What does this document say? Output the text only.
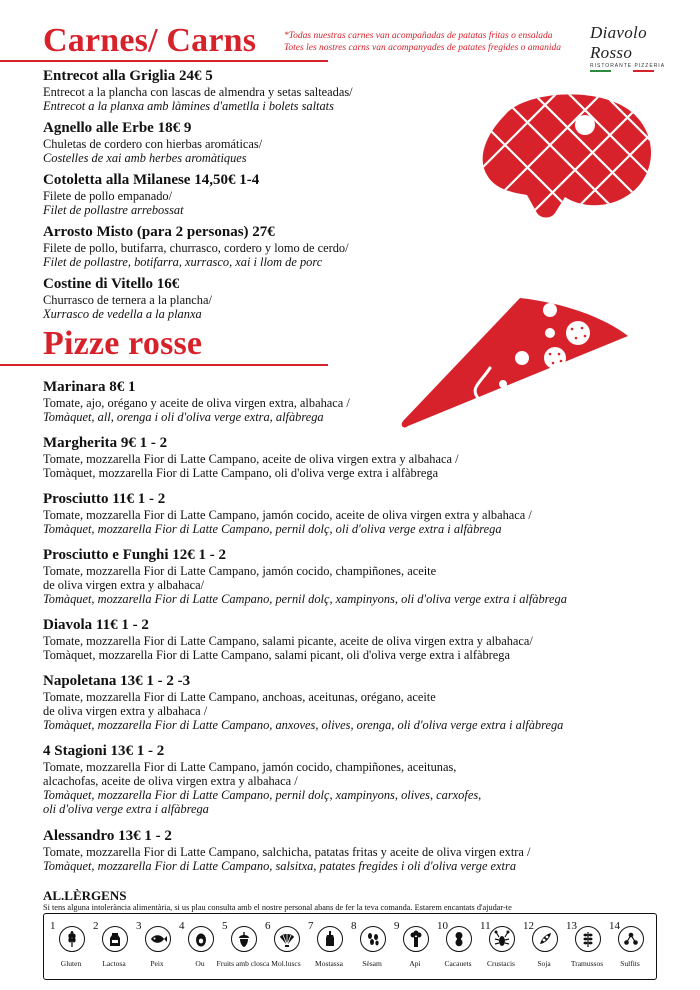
Carnes/ Carns	*Todas nuestras carnes van acompañadas de patatas fritas o ensalada
Totes les nostres carns van acompanyades de patates fregides o amanida
Diavolo Rosso
RISTORANTE PIZZERIA
Entrecot alla Griglia 24€ 5
Entrecot a la plancha con lascas de almendra y setas salteadas/
Entrecot a la planxa amb làmines d'ametlla i bolets saltats
Agnello alle Erbe 18€ 9
Chuletas de cordero con hierbas aromáticas/
Costelles de xai amb herbes aromàtiques
Cotoletta alla Milanese 14,50€ 1-4
Filete de pollo empanado/
Filet de pollastre arrebossat
Arrosto Misto (para 2 personas) 27€
Filete de pollo, butifarra, churrasco, cordero y lomo de cerdo/
Filet de pollastre, botifarra, xurrasco, xai i llom de porc
Costine di Vitello 16€
Churrasco de ternera a la plancha/
Xurrasco de vedella a la planxa
Pizze rosse
Marinara 8€ 1
Tomate, ajo, orégano y aceite de oliva virgen extra, albahaca /
Tomàquet, all, orenga i oli d'oliva verge extra, alfàbrega
Margherita 9€ 1 - 2
Tomate, mozzarella Fior di Latte Campano, aceite de oliva virgen extra y albahaca /
Tomàquet, mozzarella Fior di Latte Campano, oli d'oliva verge extra i alfàbrega
Prosciutto 11€ 1 - 2
Tomate, mozzarella Fior di Latte Campano, jamón cocido, aceite de oliva virgen extra y albahaca /
Tomàquet, mozzarella Fior di Latte Campano, pernil dolç, oli d'oliva verge extra i alfàbrega
Prosciutto e Funghi 12€ 1 - 2
Tomate, mozzarella Fior di Latte Campano, jamón cocido, champiñones, aceite
de oliva virgen extra y albahaca/
Tomàquet, mozzarella Fior di Latte Campano, pernil dolç, xampinyons, oli d'oliva verge extra i alfàbrega
Diavola 11€ 1 - 2
Tomate, mozzarella Fior di Latte Campano, salami picante, aceite de oliva virgen extra y albahaca/
Tomàquet, mozzarella Fior di Latte Campano, salami picant, oli d'oliva verge extra i alfàbrega
Napoletana 13€ 1 - 2 -3
Tomate, mozzarella Fior di Latte Campano, anchoas, aceitunas, orégano, aceite
de oliva virgen extra y albahaca /
Tomàquet, mozzarella Fior di Latte Campano, anxoves, olives, orenga, oli d'oliva verge extra i alfàbrega
4 Stagioni 13€ 1 - 2
Tomate, mozzarella Fior di Latte Campano, jamón cocido, champiñones, aceitunas,
alcachofas, aceite de oliva virgen extra y albahaca /
Tomàquet, mozzarella Fior di Latte Campano, pernil dolç, xampinyons, olives, carxofes,
oli d'oliva verge extra i alfàbrega
Alessandro 13€ 1 - 2
Tomate, mozzarella Fior di Latte Campano, salchicha, patatas fritas y aceite de oliva virgen extra /
Tomàquet, mozzarella Fior di Latte Campano, salsitxa, patates fregides i oli d'oliva verge extra
AL.LÈRGENS
Si tens alguna intolerància alimentària, si us plau consulta amb el nostre personal abans de fer la teva comanda. Estarem encantats d'ajudar-te
1
Gluten
2
Lactosa
3
Peix
4
Ou
5
Fruits amb closca
6
Mol.luscs
7
Mostassa
8
Sèsam
9
Api
10
Cacauets
11
Crustacis
12
Soja
13
Tramussos
14
Sulfits
